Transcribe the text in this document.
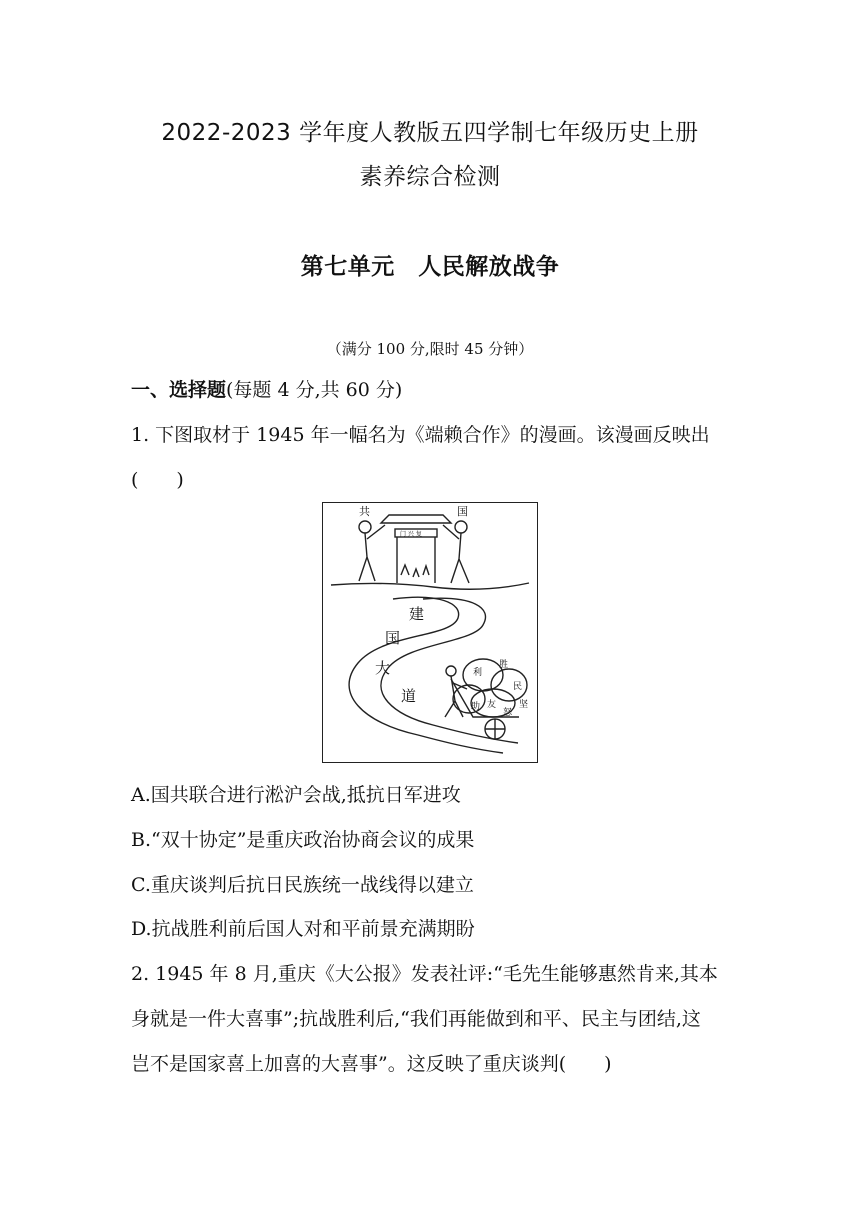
2022-2023 学年度人教版五四学制七年级历史上册
素养综合检测
第七单元　人民解放战争
（满分 100 分,限时 45 分钟）
一、选择题(每题 4 分,共 60 分)
1. 下图取材于 1945 年一幅名为《端赖合作》的漫画。该漫画反映出
(　　)
共	国
门 兴 复
建
国
大
道
胜
利
民
助 友
怒
坚
A.国共联合进行淞沪会战,抵抗日军进攻
B.“双十协定”是重庆政治协商会议的成果
C.重庆谈判后抗日民族统一战线得以建立
D.抗战胜利前后国人对和平前景充满期盼
2. 1945 年 8 月,重庆《大公报》发表社评:“毛先生能够惠然肯来,其本
身就是一件大喜事”;抗战胜利后,“我们再能做到和平、民主与团结,这
岂不是国家喜上加喜的大喜事”。这反映了重庆谈判(　　)
